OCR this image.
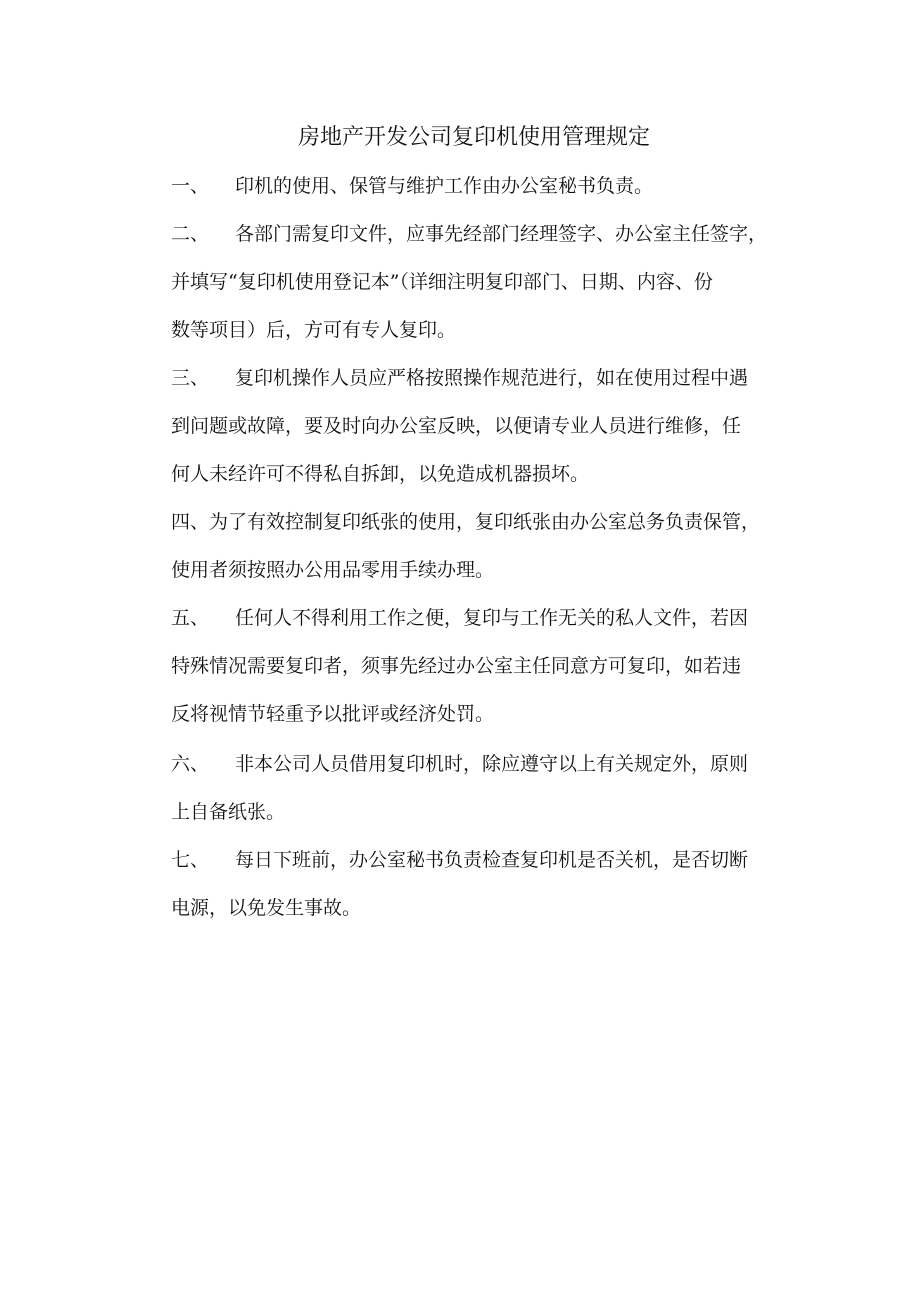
房地产开发公司复印机使用管理规定
一、 印机的使用、保管与维护工作由办公室秘书负责。
二、 各部门需复印文件，应事先经部门经理签字、办公室主任签字，
并填写“复印机使用登记本”（详细注明复印部门、日期、内容、份
数等项目）后，方可有专人复印。
三、 复印机操作人员应严格按照操作规范进行，如在使用过程中遇
到问题或故障，要及时向办公室反映，以便请专业人员进行维修，任
何人未经许可不得私自拆卸，以免造成机器损坏。
四、为了有效控制复印纸张的使用，复印纸张由办公室总务负责保管，
使用者须按照办公用品零用手续办理。
五、 任何人不得利用工作之便，复印与工作无关的私人文件，若因
特殊情况需要复印者，须事先经过办公室主任同意方可复印，如若违
反将视情节轻重予以批评或经济处罚。
六、 非本公司人员借用复印机时，除应遵守以上有关规定外，原则
上自备纸张。
七、 每日下班前，办公室秘书负责检查复印机是否关机，是否切断
电源，以免发生事故。
